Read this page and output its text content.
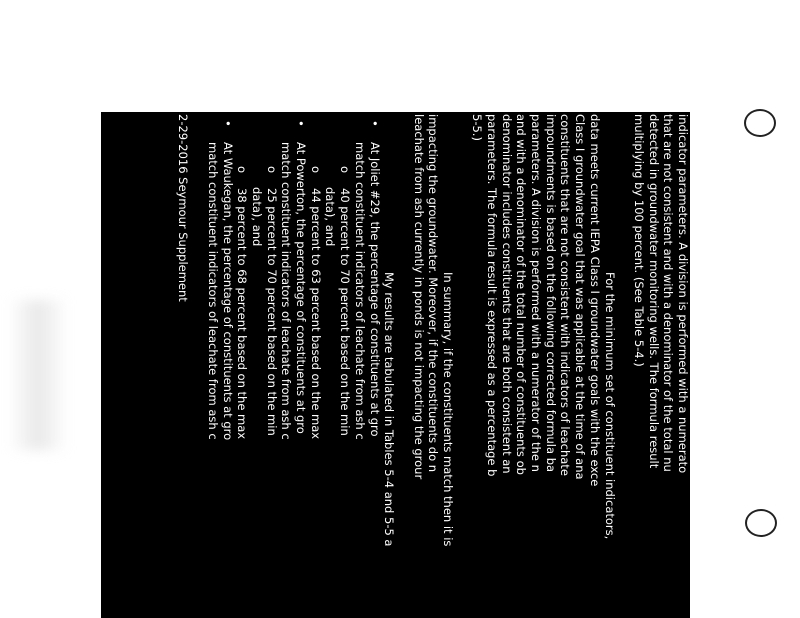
indicator parameters. A division is performed with a numerato
that are not consistent and with a denominator of the total nu
detected in groundwater monitoring wells. The formula result
multiplying by 100 percent. (See Table 5-4.)
For the minimum set of constituent indicators,
data meets current IEPA Class I groundwater goals with the exce
Class I groundwater goal that was applicable at the time of ana
constituents that are not consistent with indicators of leachate
impoundments is based on the following corrected formula ba
parameters. A division is performed with a numerator of the n
and with a denominator of the total number of constituents ob
denominator includes constituents that are both consistent an
parameters. The formula result is expressed as a percentage b
5-5.)
In summary, if the constituents match then it is
impacting the groundwater. Moreover, if the constituents do n
leachate from ash currently in ponds is not impacting the grour
My results are tabulated in Tables 5-4 and 5-5 a
•At Joliet #29, the percentage of constituents at gro
match constituent indicators of leachate from ash c
o40 percent to 70 percent based on the min
data), and
o44 percent to 63 percent based on the max
•At Powerton, the percentage of constituents at gro
match constituent indicators of leachate from ash c
o25 percent to 70 percent based on the min
data), and
o38 percent to 68 percent based on the max
•At Waukegan, the percentage of constituents at gro
match constituent indicators of leachate from ash c
2-29-2016 Seymour Supplement
